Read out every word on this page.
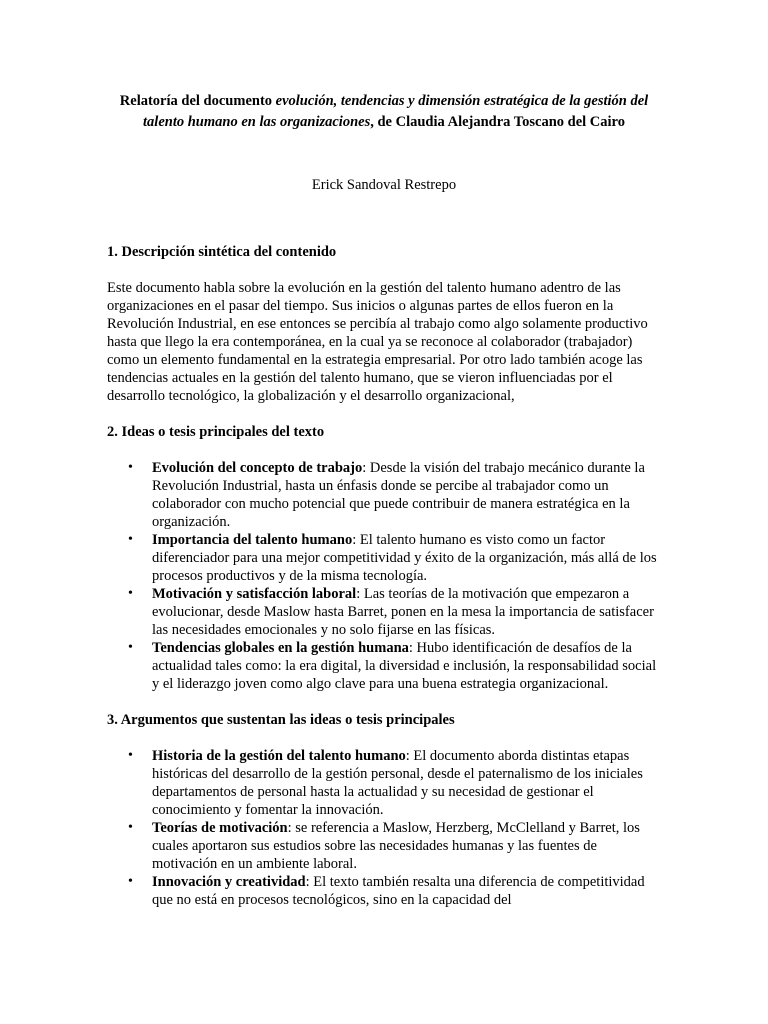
Relatoría del documento evolución, tendencias y dimensión estratégica de la gestión del talento humano en las organizaciones, de Claudia Alejandra Toscano del Cairo

Erick Sandoval Restrepo

1. Descripción sintética del contenido

Este documento habla sobre la evolución en la gestión del talento humano adentro de las organizaciones en el pasar del tiempo. Sus inicios o algunas partes de ellos fueron en la Revolución Industrial, en ese entonces se percibía al trabajo como algo solamente productivo hasta que llego la era contemporánea, en la cual ya se reconoce al colaborador (trabajador) como un elemento fundamental en la estrategia empresarial. Por otro lado también acoge las tendencias actuales en la gestión del talento humano, que se vieron influenciadas por el desarrollo tecnológico, la globalización y el desarrollo organizacional,

2. Ideas o tesis principales del texto

• Evolución del concepto de trabajo: Desde la visión del trabajo mecánico durante la Revolución Industrial, hasta un énfasis donde se percibe al trabajador como un colaborador con mucho potencial que puede contribuir de manera estratégica en la organización.
• Importancia del talento humano: El talento humano es visto como un factor diferenciador para una mejor competitividad y éxito de la organización, más allá de los procesos productivos y de la misma tecnología.
• Motivación y satisfacción laboral: Las teorías de la motivación que empezaron a evolucionar, desde Maslow hasta Barret, ponen en la mesa la importancia de satisfacer las necesidades emocionales y no solo fijarse en las físicas.
• Tendencias globales en la gestión humana: Hubo identificación de desafíos de la actualidad tales como: la era digital, la diversidad e inclusión, la responsabilidad social y el liderazgo joven como algo clave para una buena estrategia organizacional.

3. Argumentos que sustentan las ideas o tesis principales

• Historia de la gestión del talento humano: El documento aborda distintas etapas históricas del desarrollo de la gestión personal, desde el paternalismo de los iniciales departamentos de personal hasta la actualidad y su necesidad de gestionar el conocimiento y fomentar la innovación.
• Teorías de motivación: se referencia a Maslow, Herzberg, McClelland y Barret, los cuales aportaron sus estudios sobre las necesidades humanas y las fuentes de motivación en un ambiente laboral.
• Innovación y creatividad: El texto también resalta una diferencia de competitividad que no está en procesos tecnológicos, sino en la capacidad del
